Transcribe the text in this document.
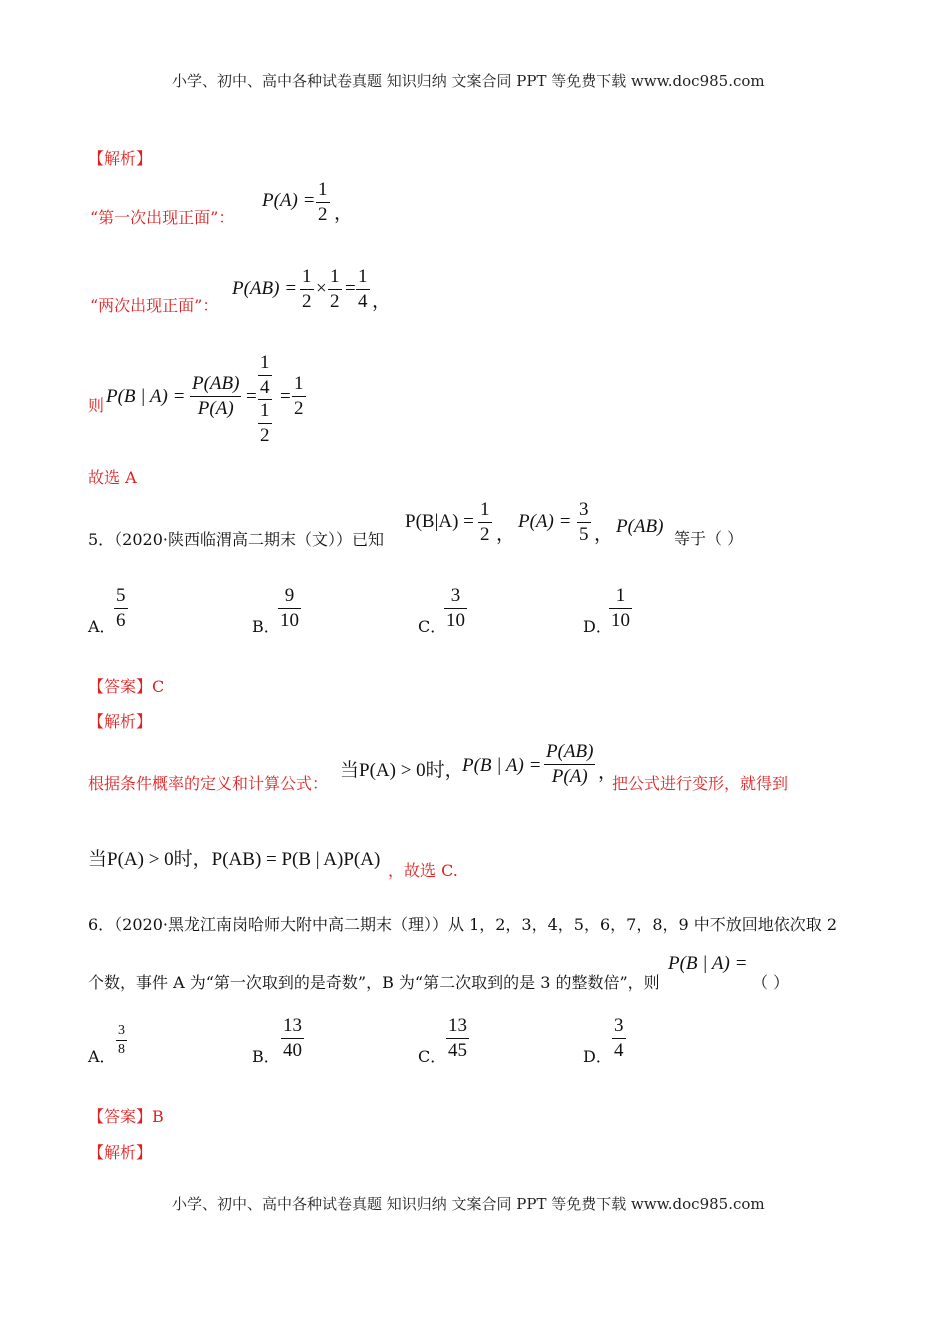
小学、初中、高中各种试卷真题 知识归纳 文案合同 PPT 等免费下载 www.doc985.com
【解析】
“第一次出现正面”：
P(A) =
1
2 ，
“两次出现正面”：
P(AB) =
1
2
×
1
2
=
1
4 ，
则 P(B | A) =
P(AB)
P(A)
= $\frac{1}{4}$
$\frac{1}{2}$
=
1
2
故选 A
5．（2020·陕西临渭高二期末（文））已知
P(B|A) =
1
2 ，
P(A) =
3
5 ， P(AB)
等于（ ）
A．
5
6	B．
9
10	C．
3
10	D．
1
10
【答案】C
【解析】
根据条件概率的定义和计算公式：
当P(A) > 0时，
P(B | A) =
P(AB)
P(A) ，
把公式进行变形，就得到
当P(A) > 0时，P(AB) = P(B | A)P(A)
，故选 C.
6．（2020·黑龙江南岗哈师大附中高二期末（理））从 1，2，3，4，5，6，7，8，9 中不放回地依次取 2
个数，事件 A 为“第一次取到的是奇数”，B 为“第二次取到的是 3 的整数倍”，则
P(B | A) =
（ ）
A．
3
8	B．
13
40	C．
13
45	D．
3
4
【答案】B
【解析】
小学、初中、高中各种试卷真题 知识归纳 文案合同 PPT 等免费下载 www.doc985.com
